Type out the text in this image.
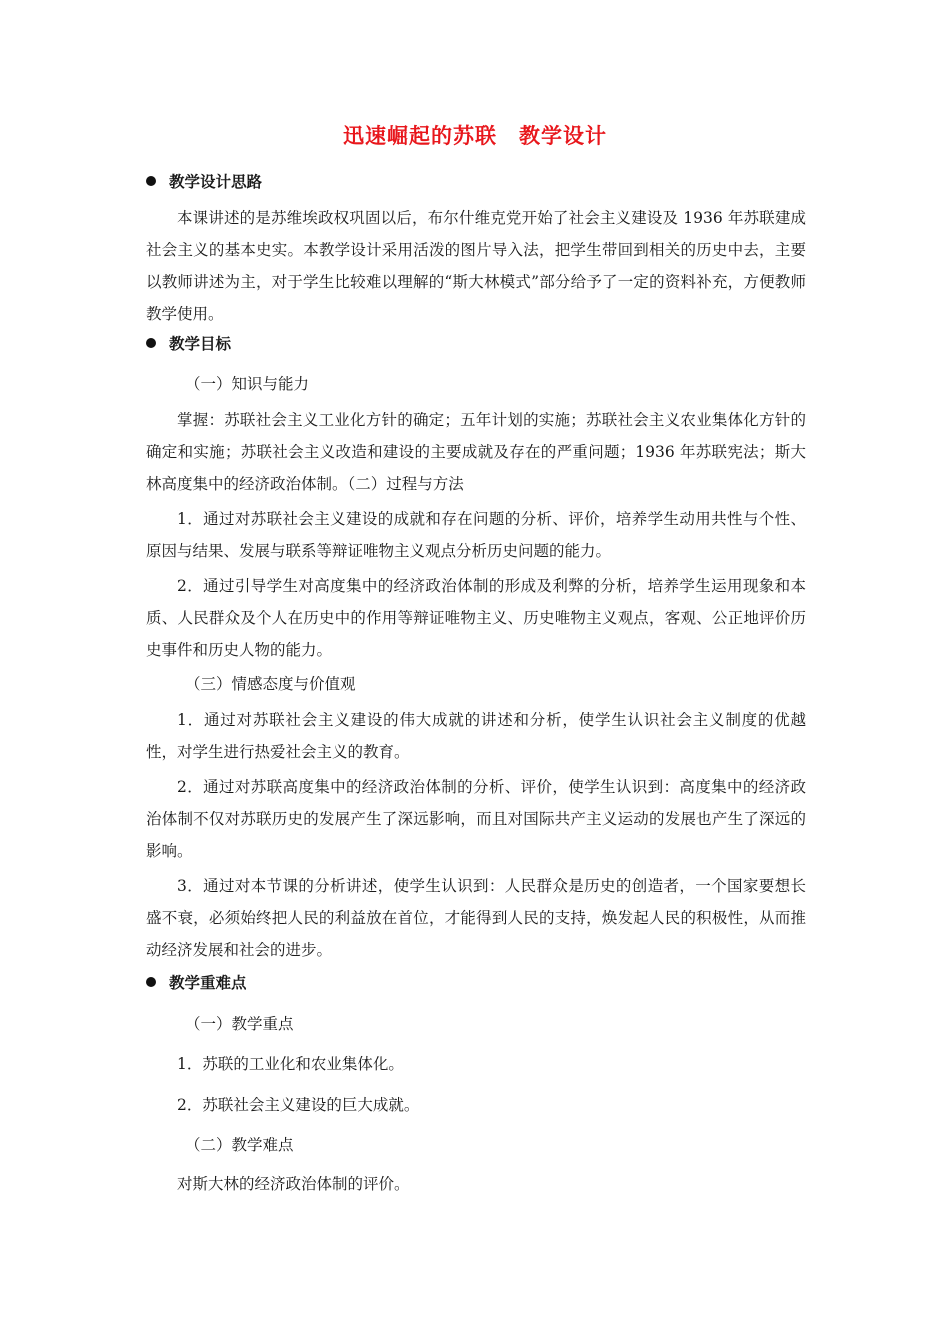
迅速崛起的苏联　教学设计
教学设计思路
本课讲述的是苏维埃政权巩固以后，布尔什维克党开始了社会主义建设及 1936 年苏联建成社会主义的基本史实。本教学设计采用活泼的图片导入法，把学生带回到相关的历史中去，主要以教师讲述为主，对于学生比较难以理解的“斯大林模式”部分给予了一定的资料补充，方便教师教学使用。
教学目标
（一）知识与能力
掌握：苏联社会主义工业化方针的确定；五年计划的实施；苏联社会主义农业集体化方针的确定和实施；苏联社会主义改造和建设的主要成就及存在的严重问题；1936 年苏联宪法；斯大林高度集中的经济政治体制。（二）过程与方法
1．通过对苏联社会主义建设的成就和存在问题的分析、评价，培养学生动用共性与个性、原因与结果、发展与联系等辩证唯物主义观点分析历史问题的能力。
2．通过引导学生对高度集中的经济政治体制的形成及利弊的分析，培养学生运用现象和本质、人民群众及个人在历史中的作用等辩证唯物主义、历史唯物主义观点，客观、公正地评价历史事件和历史人物的能力。
（三）情感态度与价值观
1．通过对苏联社会主义建设的伟大成就的讲述和分析，使学生认识社会主义制度的优越性，对学生进行热爱社会主义的教育。
2．通过对苏联高度集中的经济政治体制的分析、评价，使学生认识到：高度集中的经济政治体制不仅对苏联历史的发展产生了深远影响，而且对国际共产主义运动的发展也产生了深远的影响。
3．通过对本节课的分析讲述，使学生认识到：人民群众是历史的创造者，一个国家要想长盛不衰，必须始终把人民的利益放在首位，才能得到人民的支持，焕发起人民的积极性，从而推动经济发展和社会的进步。
教学重难点
（一）教学重点
1．苏联的工业化和农业集体化。
2．苏联社会主义建设的巨大成就。
（二）教学难点
对斯大林的经济政治体制的评价。
